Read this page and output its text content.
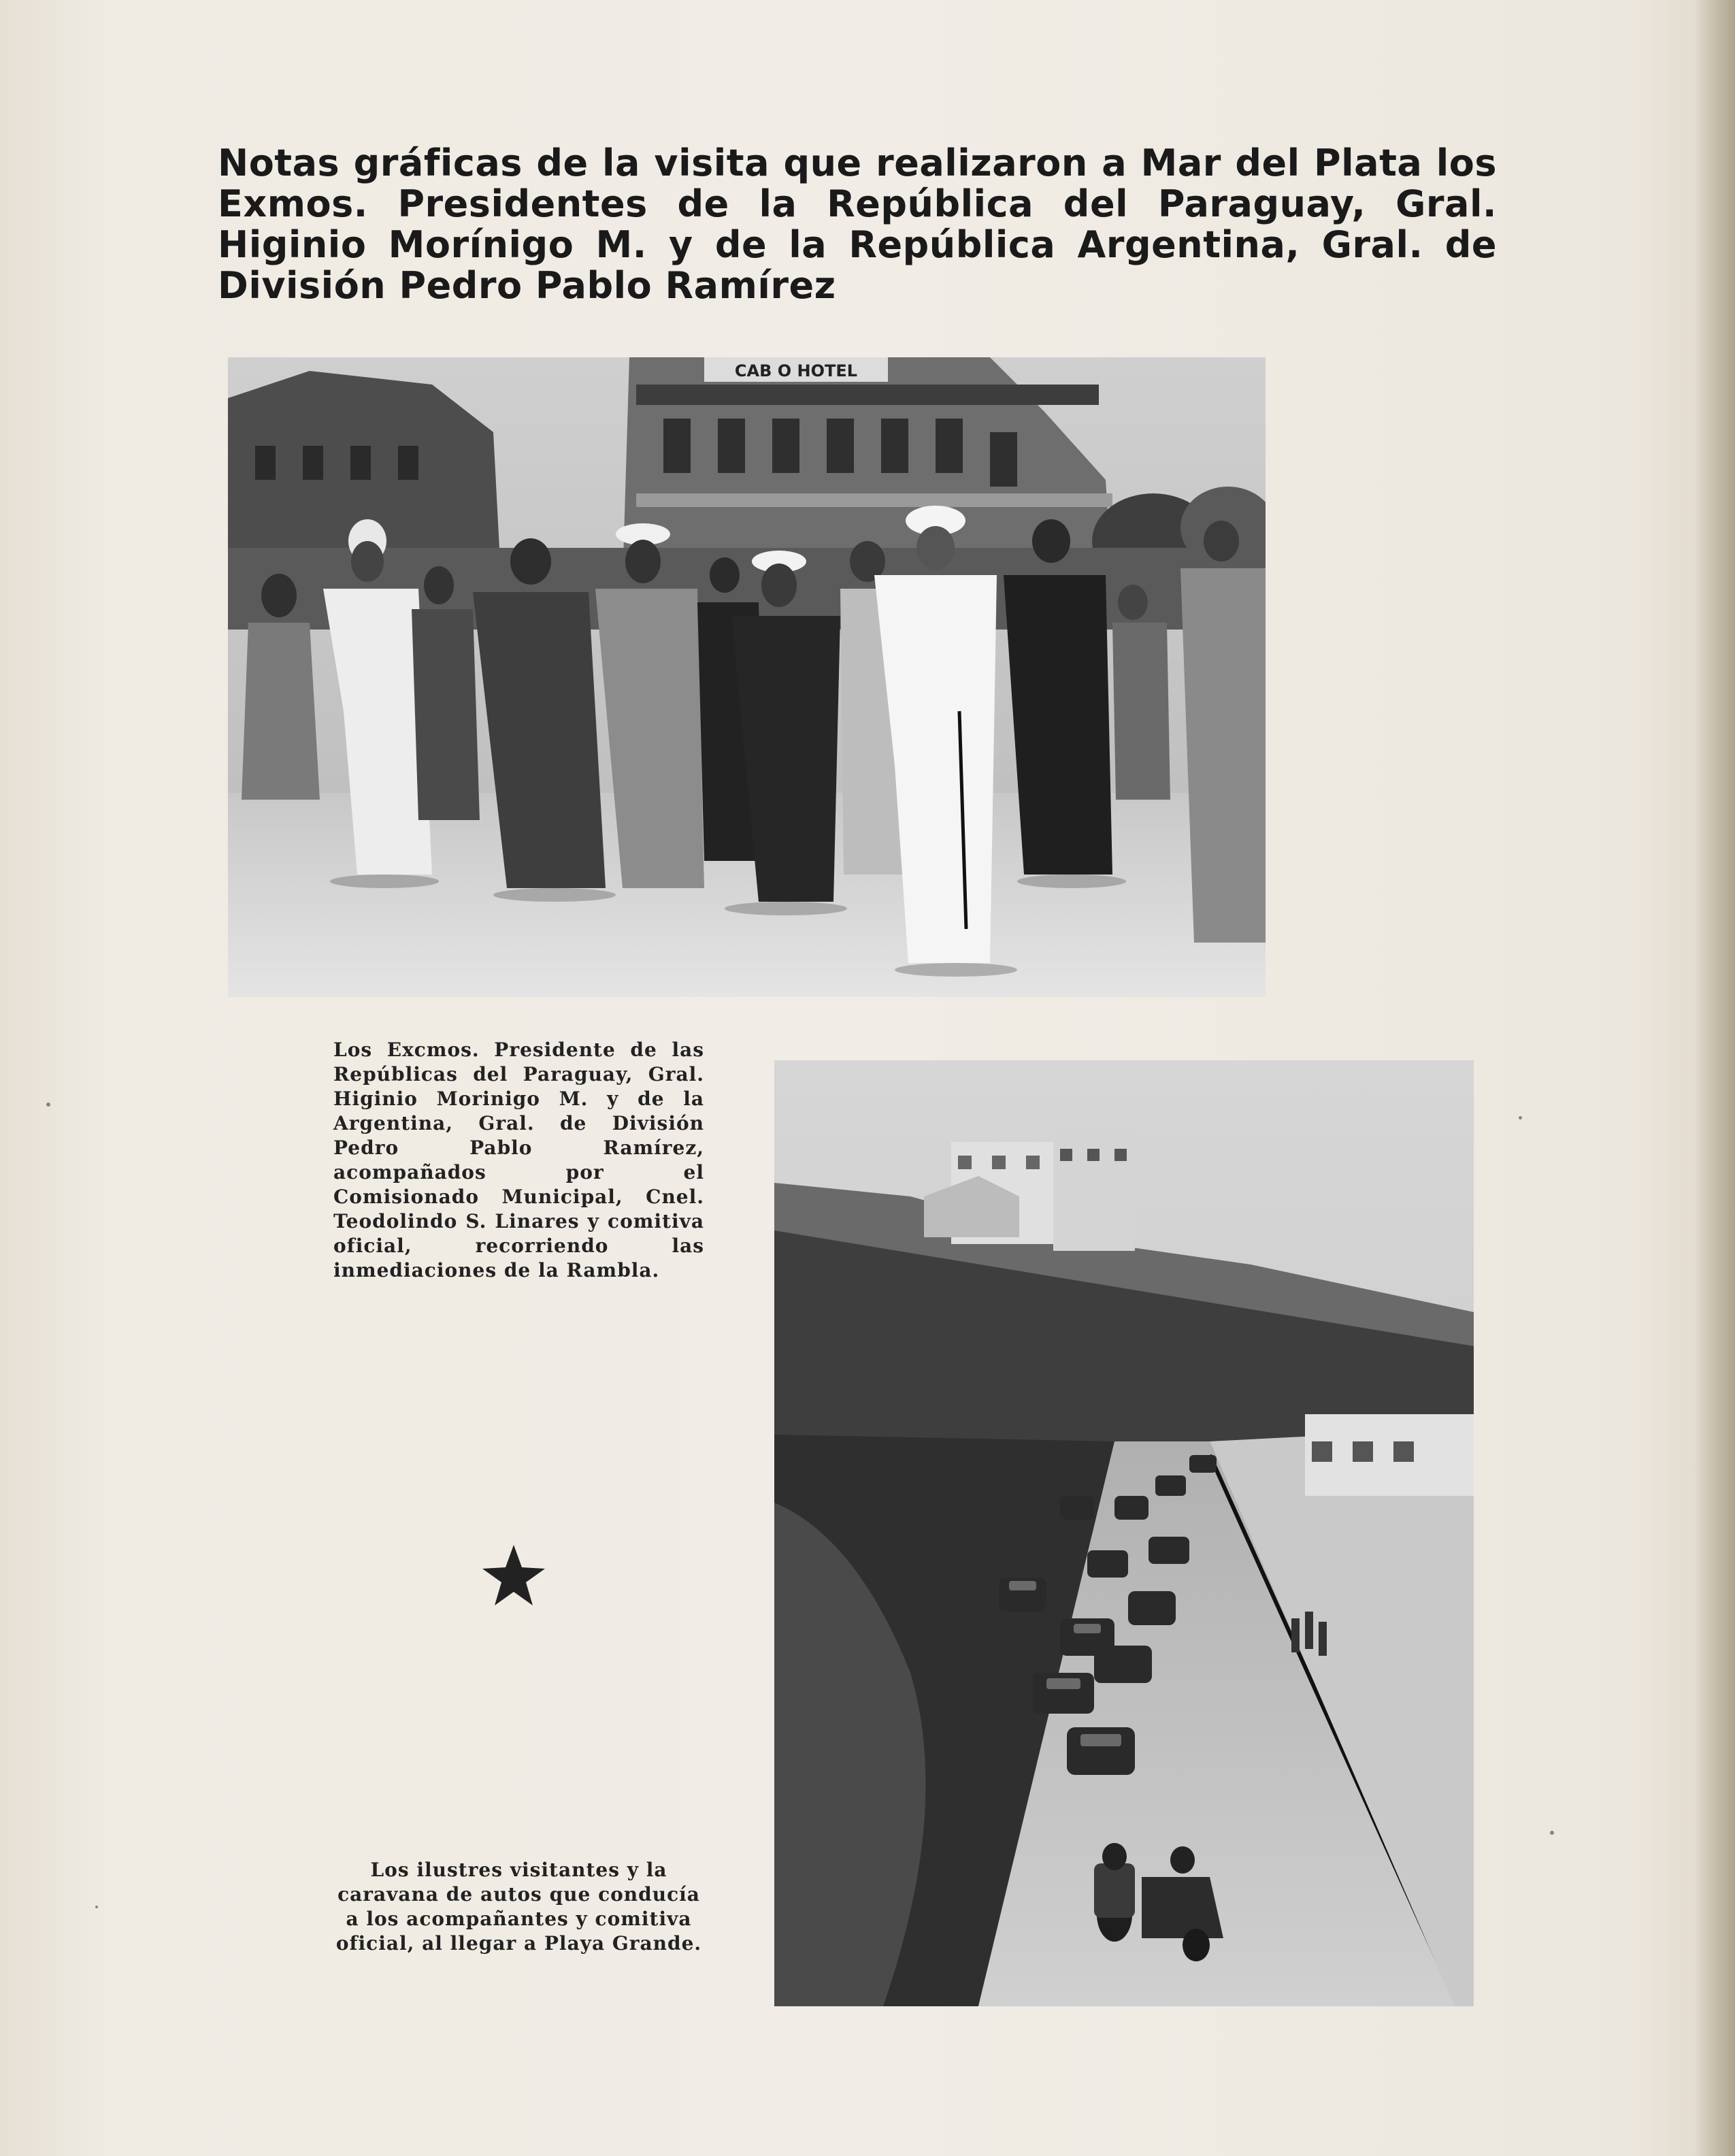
Notas gráficas de la visita que realizaron a Mar del Plata los Exmos. Presidentes de la República del Paraguay, Gral. Higinio Morínigo M. y de la República Argentina, Gral. de División Pedro Pablo Ramírez
CAB O HOTEL
Los Excmos. Presidente de las Repúblicas del Paraguay, Gral. Higinio Morinigo M. y de la Argentina, Gral. de División Pedro Pablo Ramírez, acompañados por el Comisionado Municipal, Cnel. Teodolindo S. Linares y comitiva oficial, recorriendo las inmediaciones de la Rambla.
Los ilustres visitantes y la caravana de autos que conducía a los acompañantes y comitiva oficial, al llegar a Playa Grande.
